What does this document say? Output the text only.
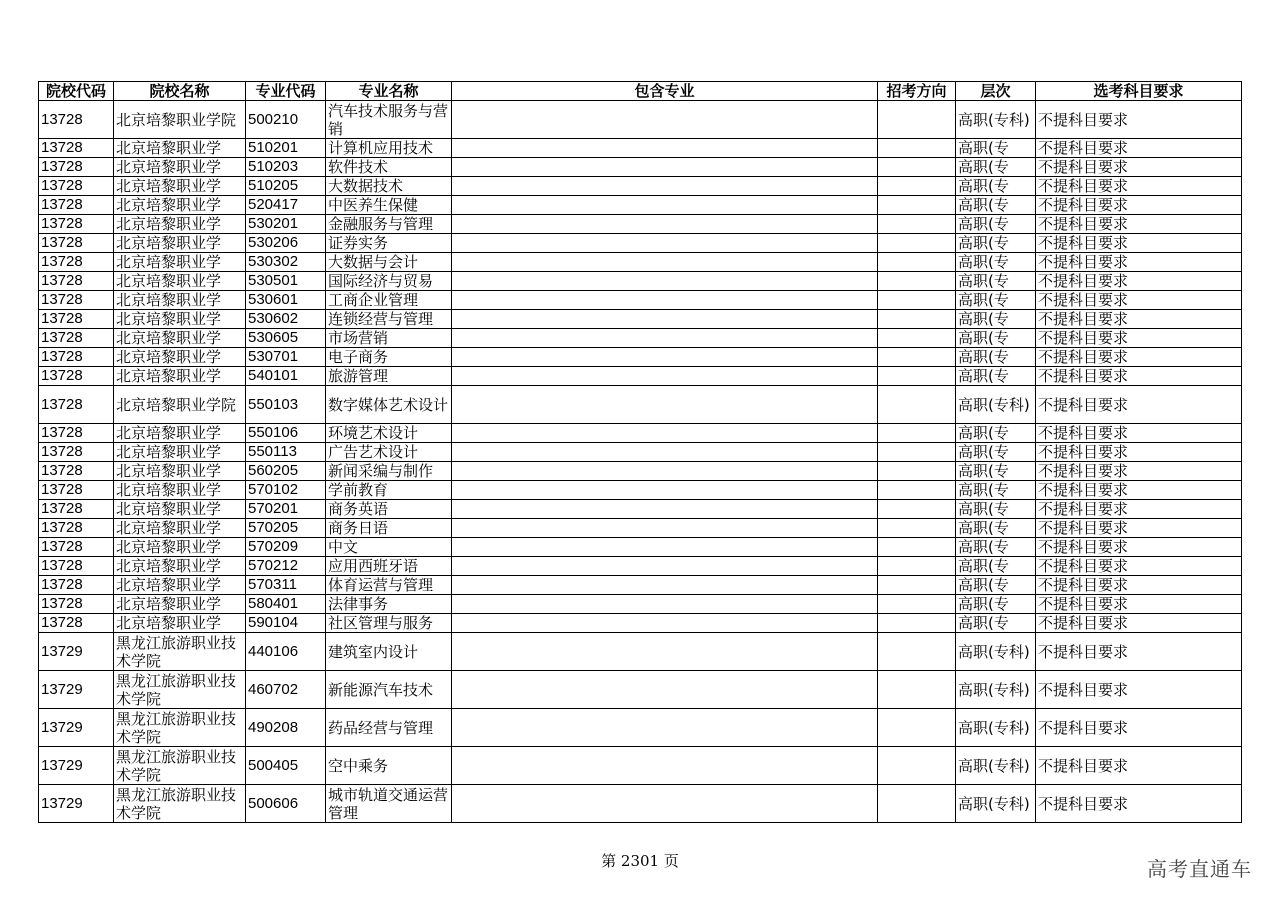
院校代码	院校名称	专业代码	专业名称	包含专业	招考方向	层次	选考科目要求
13728	北京培黎职业学院	500210	汽车技术服务与营销			高职(专科)	不提科目要求
13728	北京培黎职业学	510201	计算机应用技术			高职(专	不提科目要求
13728	北京培黎职业学	510203	软件技术			高职(专	不提科目要求
13728	北京培黎职业学	510205	大数据技术			高职(专	不提科目要求
13728	北京培黎职业学	520417	中医养生保健			高职(专	不提科目要求
13728	北京培黎职业学	530201	金融服务与管理			高职(专	不提科目要求
13728	北京培黎职业学	530206	证券实务			高职(专	不提科目要求
13728	北京培黎职业学	530302	大数据与会计			高职(专	不提科目要求
13728	北京培黎职业学	530501	国际经济与贸易			高职(专	不提科目要求
13728	北京培黎职业学	530601	工商企业管理			高职(专	不提科目要求
13728	北京培黎职业学	530602	连锁经营与管理			高职(专	不提科目要求
13728	北京培黎职业学	530605	市场营销			高职(专	不提科目要求
13728	北京培黎职业学	530701	电子商务			高职(专	不提科目要求
13728	北京培黎职业学	540101	旅游管理			高职(专	不提科目要求
13728	北京培黎职业学院	550103	数字媒体艺术设计			高职(专科)	不提科目要求
13728	北京培黎职业学	550106	环境艺术设计			高职(专	不提科目要求
13728	北京培黎职业学	550113	广告艺术设计			高职(专	不提科目要求
13728	北京培黎职业学	560205	新闻采编与制作			高职(专	不提科目要求
13728	北京培黎职业学	570102	学前教育			高职(专	不提科目要求
13728	北京培黎职业学	570201	商务英语			高职(专	不提科目要求
13728	北京培黎职业学	570205	商务日语			高职(专	不提科目要求
13728	北京培黎职业学	570209	中文			高职(专	不提科目要求
13728	北京培黎职业学	570212	应用西班牙语			高职(专	不提科目要求
13728	北京培黎职业学	570311	体育运营与管理			高职(专	不提科目要求
13728	北京培黎职业学	580401	法律事务			高职(专	不提科目要求
13728	北京培黎职业学	590104	社区管理与服务			高职(专	不提科目要求
13729	黑龙江旅游职业技术学院	440106	建筑室内设计			高职(专科)	不提科目要求
13729	黑龙江旅游职业技术学院	460702	新能源汽车技术			高职(专科)	不提科目要求
13729	黑龙江旅游职业技术学院	490208	药品经营与管理			高职(专科)	不提科目要求
13729	黑龙江旅游职业技术学院	500405	空中乘务			高职(专科)	不提科目要求
13729	黑龙江旅游职业技术学院	500606	城市轨道交通运营管理			高职(专科)	不提科目要求
第 2301 页	高考直通车
